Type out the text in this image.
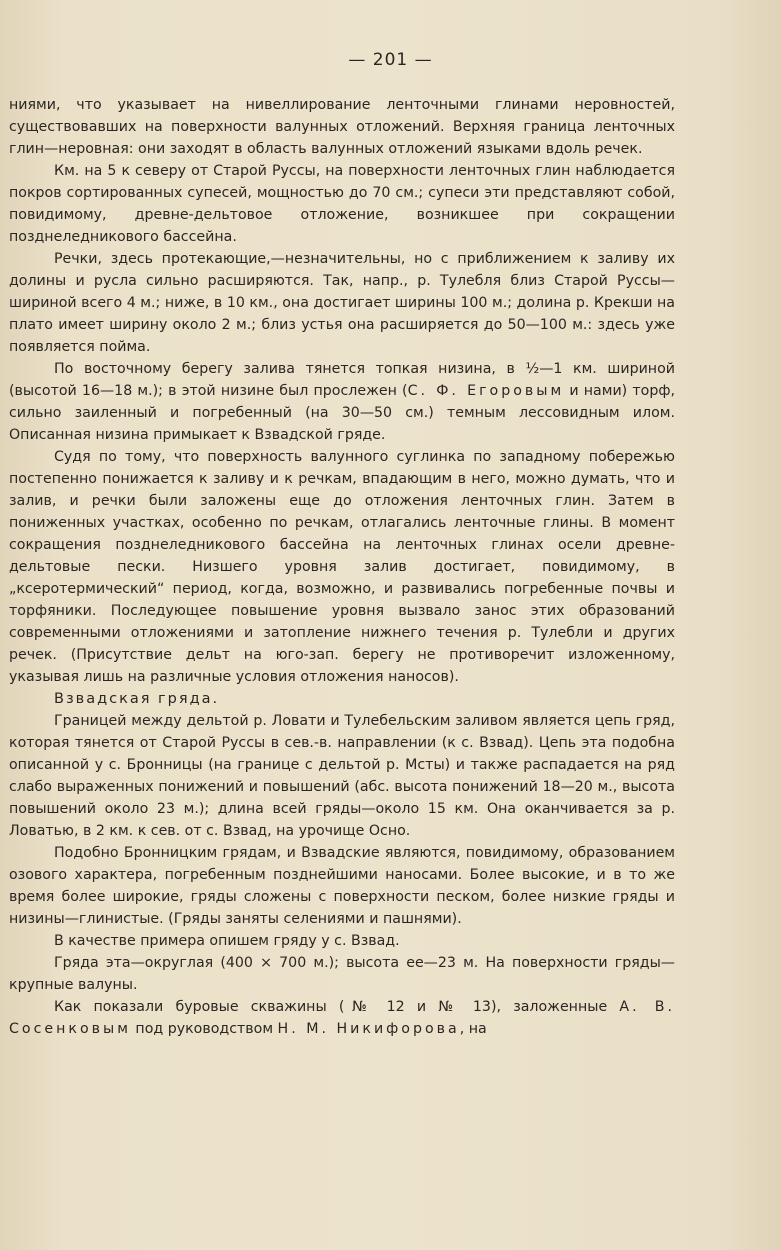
— 201 —

ниями, что указывает на нивеллирование ленточными глинами неровностей, существовавших на поверхности валунных отложений. Верхняя граница ленточных глин—неровная: они заходят в область валунных отложений языками вдоль речек.

Км. на 5 к северу от Старой Руссы, на поверхности ленточных глин наблюдается покров сортированных супесей, мощностью до 70 см.; супеси эти представляют собой, повидимому, древне-дельтовое отложение, возникшее при сокращении позднеледникового бассейна.

Речки, здесь протекающие,—незначительны, но с приближением к заливу их долины и русла сильно расширяются. Так, напр., р. Тулебля близ Старой Руссы—шириной всего 4 м.; ниже, в 10 км., она достигает ширины 100 м.; долина р. Крекши на плато имеет ширину около 2 м.; близ устья она расширяется до 50—100 м.: здесь уже появляется пойма.

По восточному берегу залива тянется топкая низина, в ½—1 км. шириной (высотой 16—18 м.); в этой низине был прослежен (С. Ф. Егоровым и нами) торф, сильно заиленный и погребенный (на 30—50 см.) темным лессовидным илом. Описанная низина примыкает к Взвадской гряде.

Судя по тому, что поверхность валунного суглинка по западному побережью постепенно понижается к заливу и к речкам, впадающим в него, можно думать, что и залив, и речки были заложены еще до отложения ленточных глин. Затем в пониженных участках, особенно по речкам, отлагались ленточные глины. В момент сокращения позднеледникового бассейна на ленточных глинах осели древне-дельтовые пески. Низшего уровня залив достигает, повидимому, в „ксеротермический“ период, когда, возможно, и развивались погребенные почвы и торфяники. Последующее повышение уровня вызвало занос этих образований современными отложениями и затопление нижнего течения р. Тулебли и других речек. (Присутствие дельт на юго-зап. берегу не противоречит изложенному, указывая лишь на различные условия отложения наносов).

Взвадская гряда.

Границей между дельтой р. Ловати и Тулебельским заливом является цепь гряд, которая тянется от Старой Руссы в сев.-в. направлении (к с. Взвад). Цепь эта подобна описанной у с. Бронницы (на границе с дельтой р. Мсты) и также распадается на ряд слабо выраженных понижений и повышений (абс. высота понижений 18—20 м., высота повышений около 23 м.); длина всей гряды—около 15 км. Она оканчивается за р. Ловатью, в 2 км. к сев. от с. Взвад, на урочище Осно.

Подобно Бронницким грядам, и Взвадские являются, повидимому, образованием озового характера, погребенным позднейшими наносами. Более высокие, и в то же время более широкие, гряды сложены с поверхности песком, более низкие гряды и низины—глинистые. (Гряды заняты селениями и пашнями).

В качестве примера опишем гряду у с. Взвад.

Гряда эта—округлая (400 × 700 м.); высота ее—23 м. На поверхности гряды—крупные валуны.

Как показали буровые скважины (№ 12 и № 13), заложенные А. В. Сосенковым под руководством Н. М. Никифорова, на
